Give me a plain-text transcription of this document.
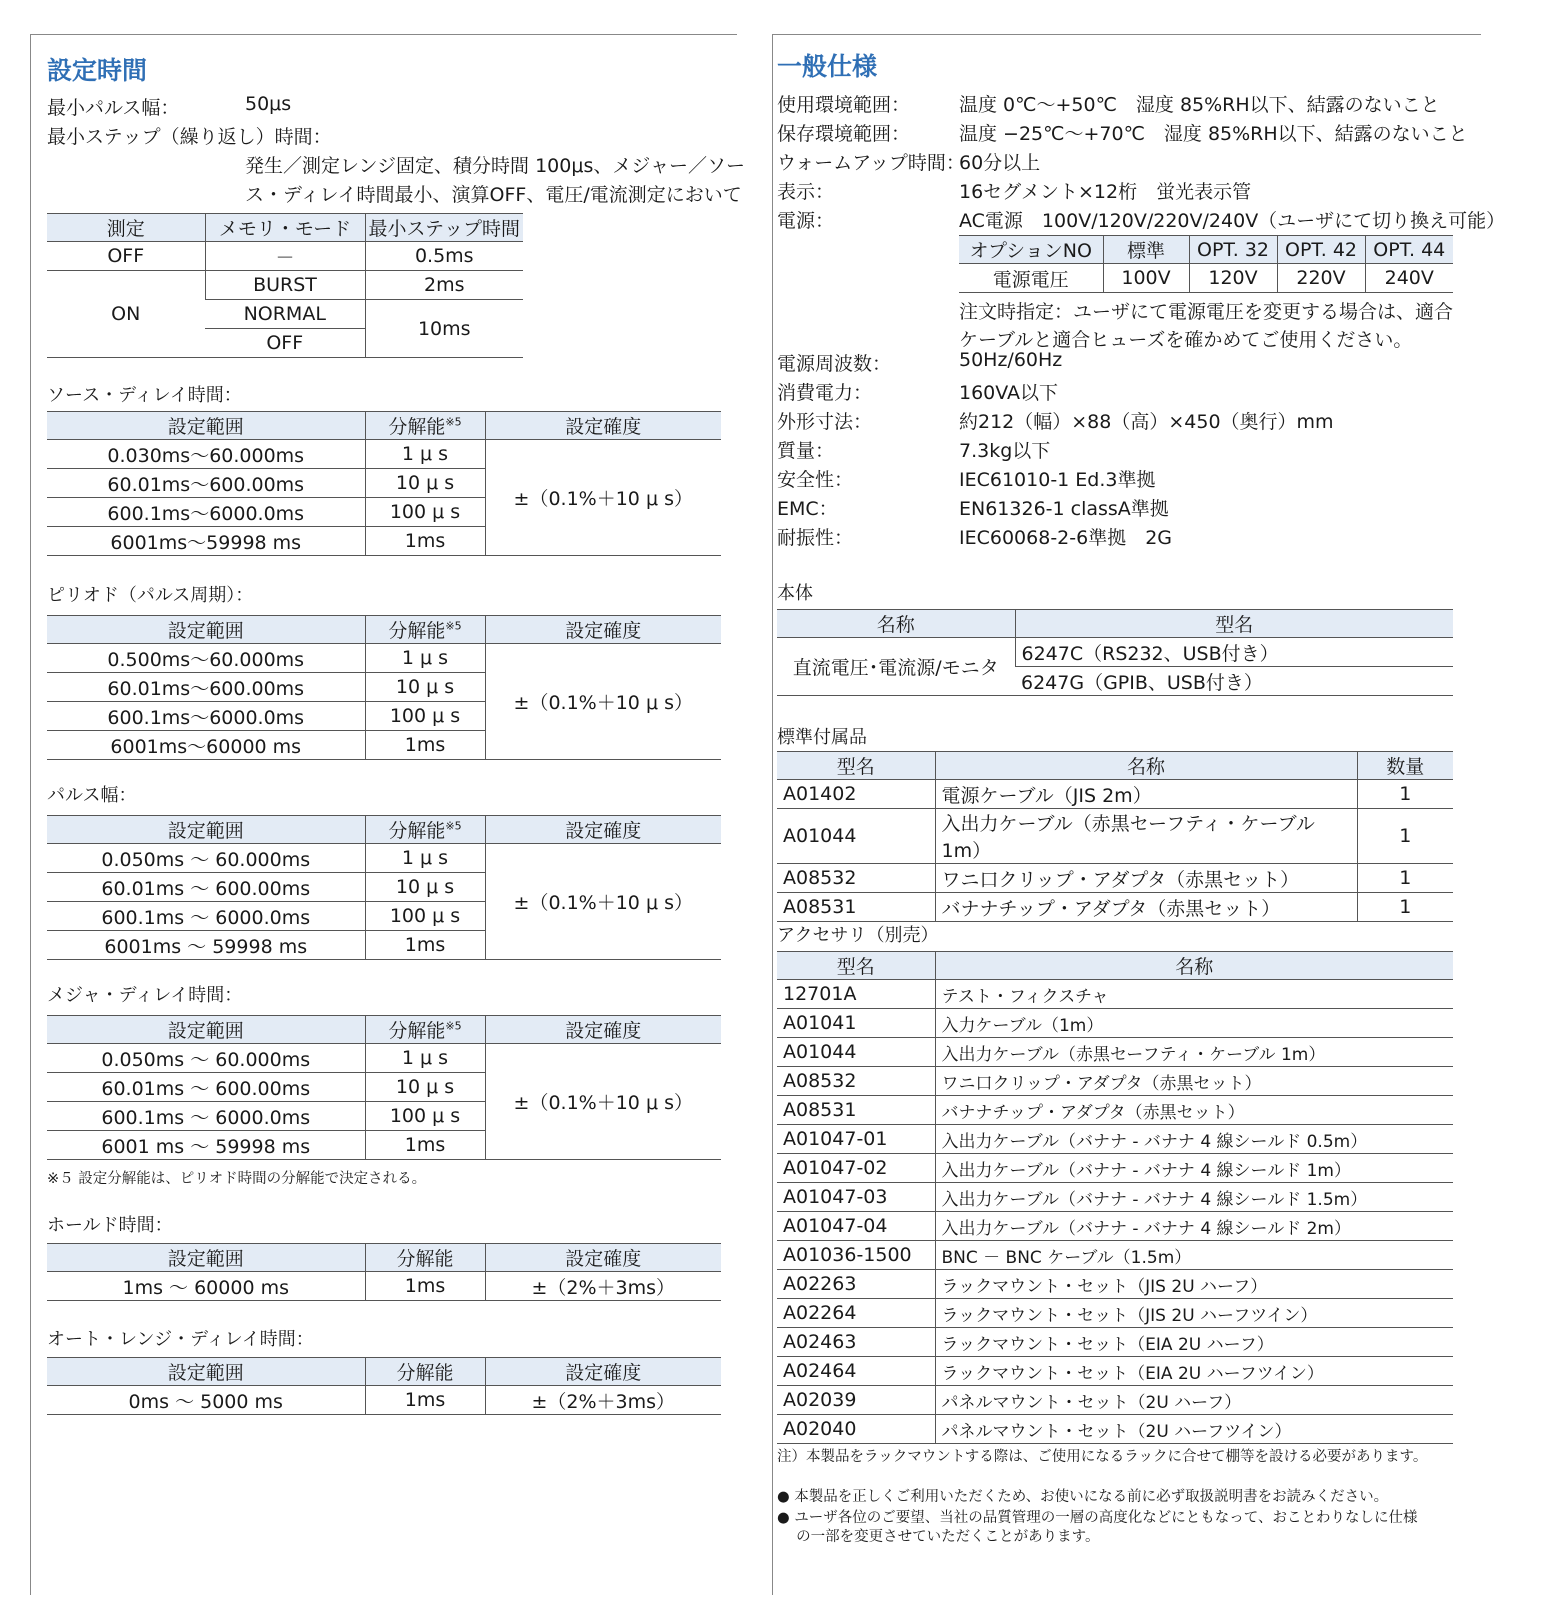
設定時間
最小パルス幅：	50μs
最小ステップ（繰り返し）時間：
発生／測定レンジ固定、積分時間 100μs、メジャー／ソー
ス・ディレイ時間最小、演算OFF、電圧/電流測定において
測定	メモリ・モード	最小ステップ時間
OFF	－	0.5ms
ON	BURST	2ms
	NORMAL	10ms
	OFF	
ソース・ディレイ時間：
設定範囲	分解能$^{※5}$	設定確度
0.030ms～60.000ms	1 μ s	±（0.1%＋10 μ s）
60.01ms～600.00ms	10 μ s	
600.1ms～6000.0ms	100 μ s	
6001ms～59998 ms	1ms	
ピリオド（パルス周期）：
設定範囲	分解能$^{※5}$	設定確度
0.500ms～60.000ms	1 μ s	±（0.1%＋10 μ s）
60.01ms～600.00ms	10 μ s	
600.1ms～6000.0ms	100 μ s	
6001ms～60000 ms	1ms	
パルス幅：
設定範囲	分解能$^{※5}$	設定確度
0.050ms ～ 60.000ms	1 μ s	±（0.1%＋10 μ s）
60.01ms ～ 600.00ms	10 μ s	
600.1ms ～ 6000.0ms	100 μ s	
6001ms ～ 59998 ms	1ms	
メジャ・ディレイ時間：
設定範囲	分解能$^{※5}$	設定確度
0.050ms ～ 60.000ms	1 μ s	±（0.1%＋10 μ s）
60.01ms ～ 600.00ms	10 μ s	
600.1ms ～ 6000.0ms	100 μ s	
6001 ms ～ 59998 ms	1ms	
※５ 設定分解能は、ピリオド時間の分解能で決定される。
ホールド時間：
設定範囲	分解能	設定確度
1ms ～ 60000 ms	1ms	±（2%＋3ms）
オート・レンジ・ディレイ時間：
設定範囲	分解能	設定確度
0ms ～ 5000 ms	1ms	±（2%＋3ms）
一般仕様
使用環境範囲：	温度 0℃～+50℃　湿度 85%RH以下、結露のないこと
保存環境範囲：	温度 −25℃～+70℃　湿度 85%RH以下、結露のないこと
ウォームアップ時間：
60分以上
表示：	16セグメント×12桁　蛍光表示管
電源：	AC電源　100V/120V/220V/240V（ユーザにて切り換え可能）
オプションNO	標準	OPT. 32	OPT. 42	OPT. 44
電源電圧	100V	120V	220V	240V
注文時指定：ユーザにて電源電圧を変更する場合は、適合
ケーブルと適合ヒューズを確かめてご使用ください。
電源周波数：	50Hz/60Hz
消費電力：	160VA以下
外形寸法：	約212（幅）×88（高）×450（奥行）mm
質量：	7.3kg以下
安全性：	IEC61010-1 Ed.3準拠
EMC：	EN61326-1 classA準拠
耐振性：	IEC60068-2-6準拠　2G
本体
名称	型名
直流電圧･電流源/モニタ	6247C（RS232、USB付き）
	6247G（GPIB、USB付き）
標準付属品
型名	名称	数量
A01402	電源ケーブル（JIS 2m）	1
A01044	入出力ケーブル（赤黒セーフティ・ケーブル 1m）	1
A08532	ワニ口クリップ・アダプタ（赤黒セット）	1
A08531	バナナチップ・アダプタ（赤黒セット）	1
アクセサリ（別売）
型名	名称
12701A	テスト・フィクスチャ
A01041	入力ケーブル（1m）
A01044	入出力ケーブル（赤黒セーフティ・ケーブル 1m）
A08532	ワニ口クリップ・アダプタ（赤黒セット）
A08531	バナナチップ・アダプタ（赤黒セット）
A01047-01	入出力ケーブル（バナナ - バナナ 4 線シールド 0.5m）
A01047-02	入出力ケーブル（バナナ - バナナ 4 線シールド 1m）
A01047-03	入出力ケーブル（バナナ - バナナ 4 線シールド 1.5m）
A01047-04	入出力ケーブル（バナナ - バナナ 4 線シールド 2m）
A01036-1500	BNC － BNC ケーブル（1.5m）
A02263	ラックマウント・セット（JIS 2U ハーフ）
A02264	ラックマウント・セット（JIS 2U ハーフツイン）
A02463	ラックマウント・セット（EIA 2U ハーフ）
A02464	ラックマウント・セット（EIA 2U ハーフツイン）
A02039	パネルマウント・セット（2U ハーフ）
A02040	パネルマウント・セット（2U ハーフツイン）
注）本製品をラックマウントする際は、ご使用になるラックに合せて棚等を設ける必要があります。
● 本製品を正しくご利用いただくため、お使いになる前に必ず取扱説明書をお読みください。
● ユーザ各位のご要望、当社の品質管理の一層の高度化などにともなって、おことわりなしに仕様
　 の一部を変更させていただくことがあります。
